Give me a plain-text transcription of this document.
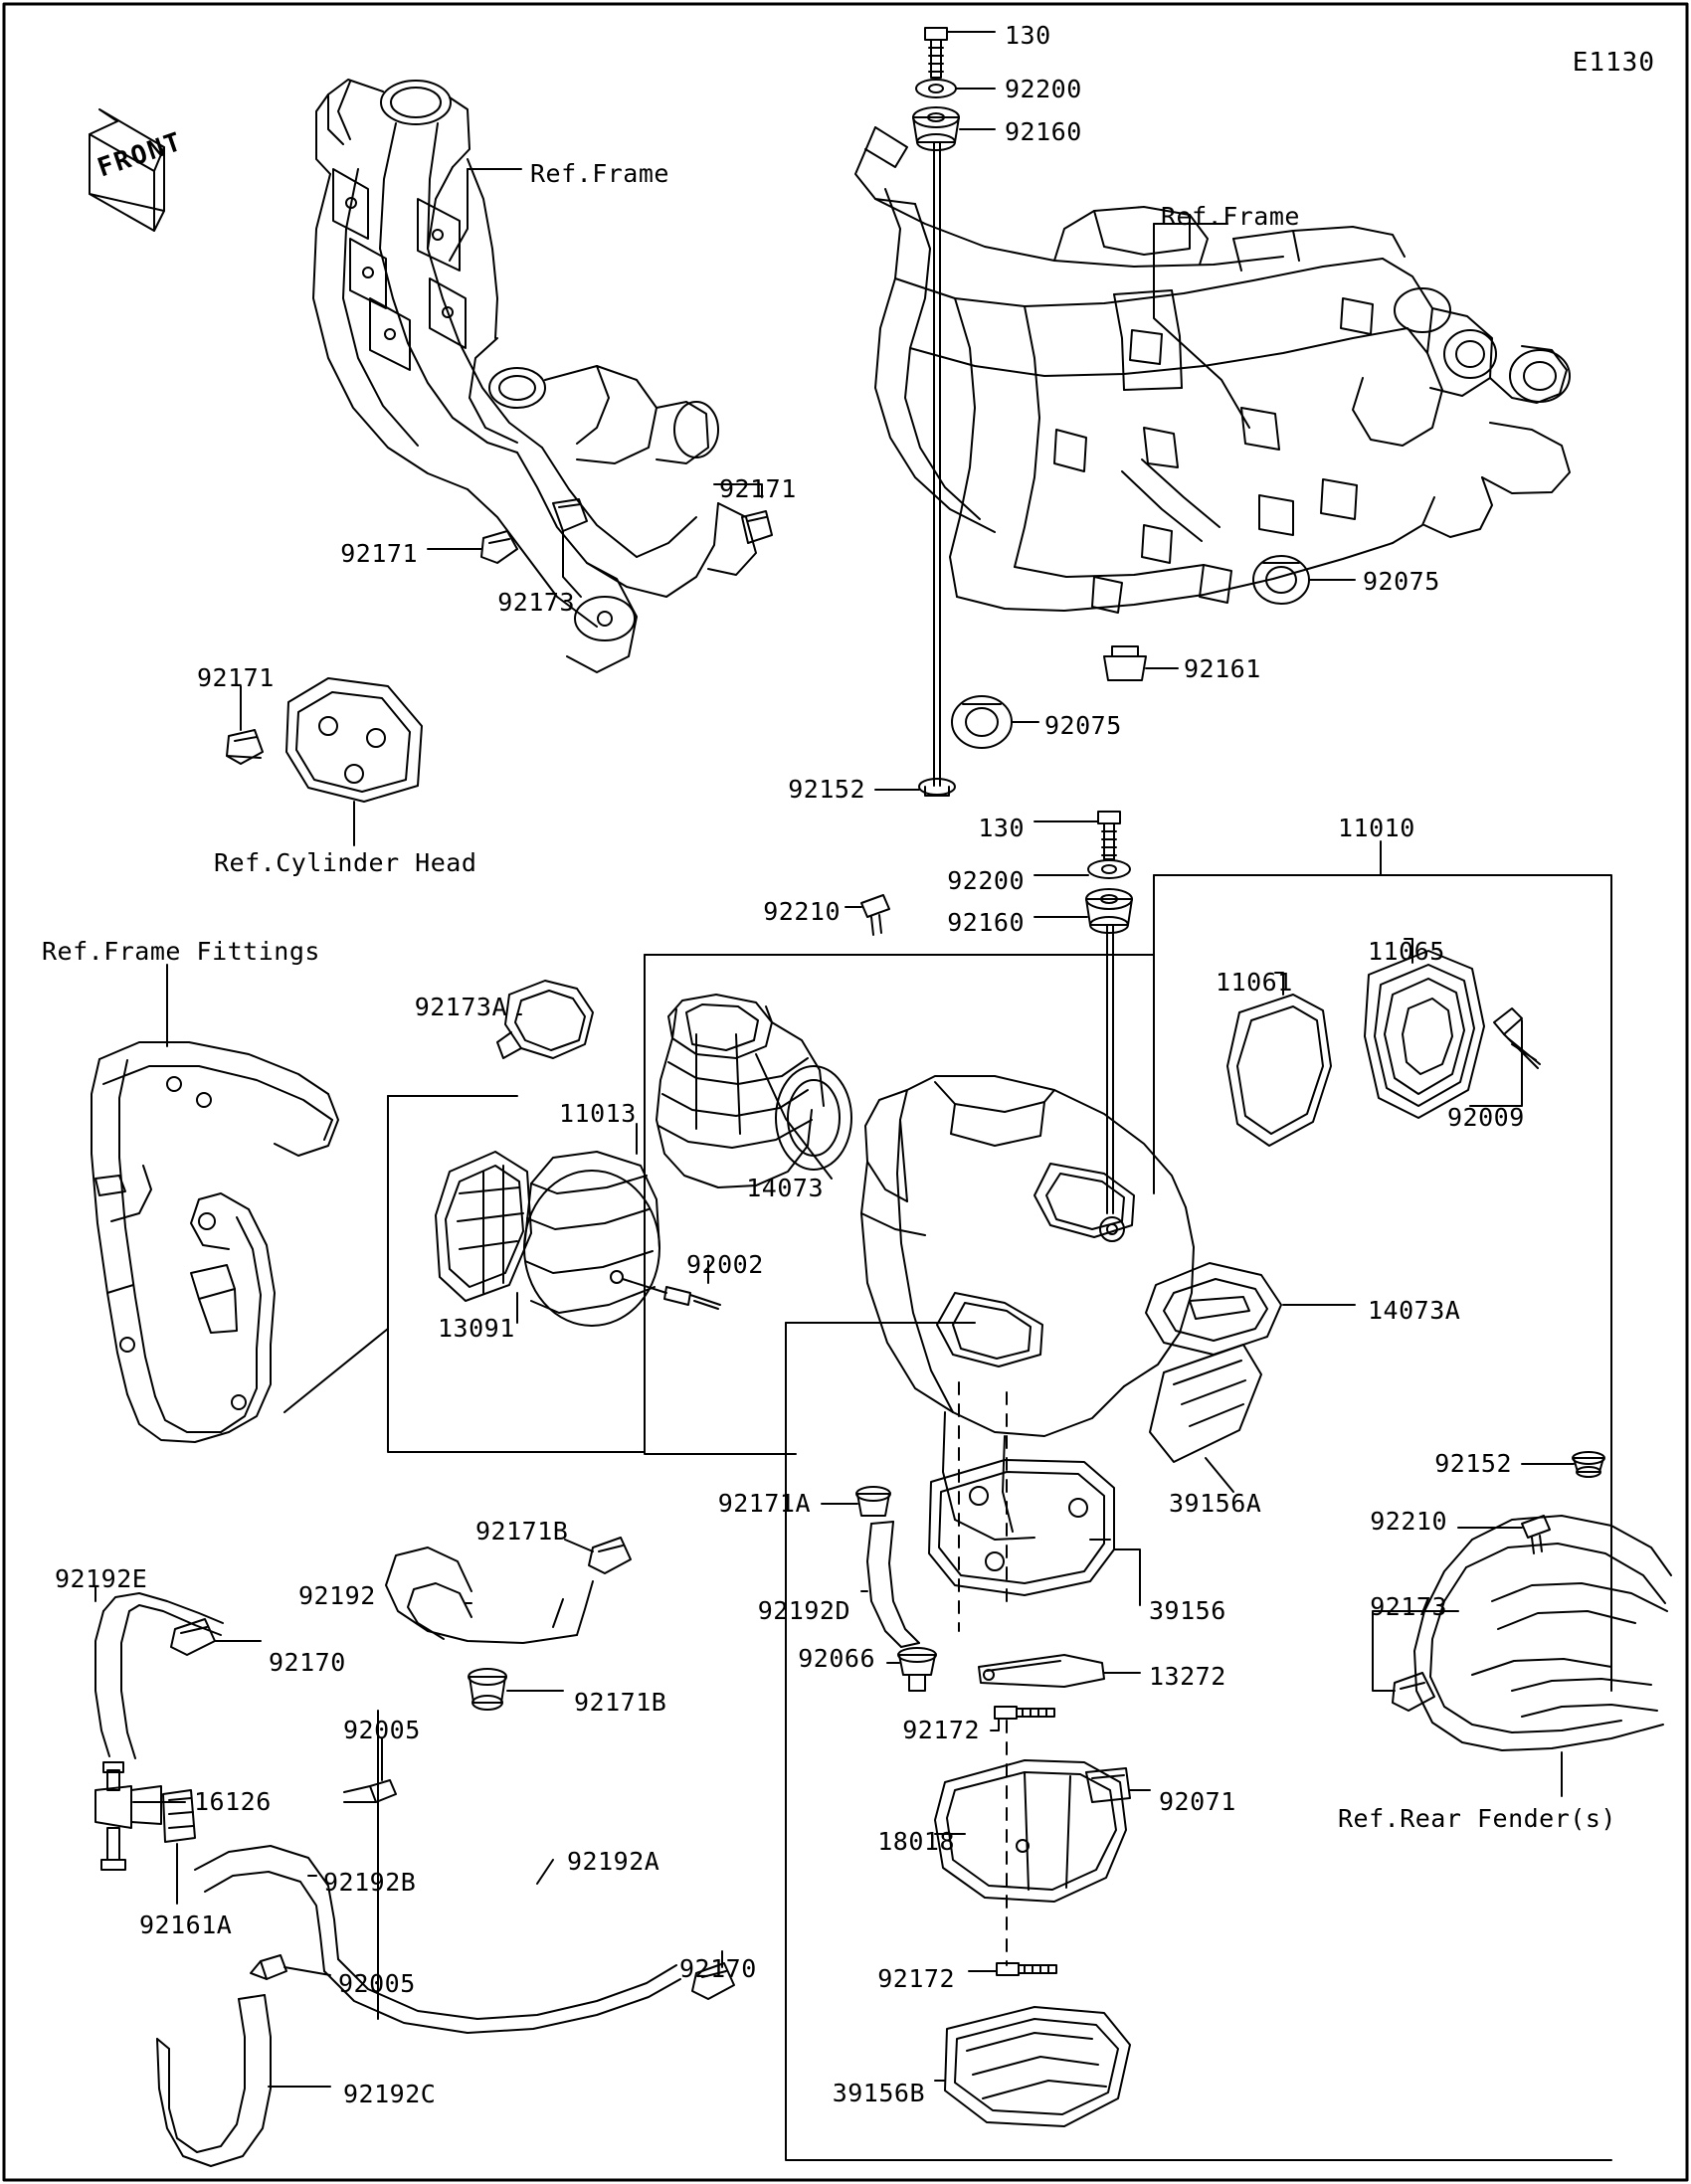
E1130
FRONT	Ref.Frame
Ref.Frame
Ref.Cylinder Head
Ref.Frame Fittings
Ref.Rear Fender(s)
130
92200
92160
92171
92171
92173
92075
92161
92075
92171
92152
130	11010
92200
11065
92160
11061
92210
92173A
92009
11013
14073
92002
13091
14073A
39156A
92152
92210
92173
92171A
92171B
92192
92192D	39156
92066
13272
92172
92192E
92170
92171B
92005
16126	92071
18018
92192B
92192A
92161A
92170
92005	92172
92192C	39156B
